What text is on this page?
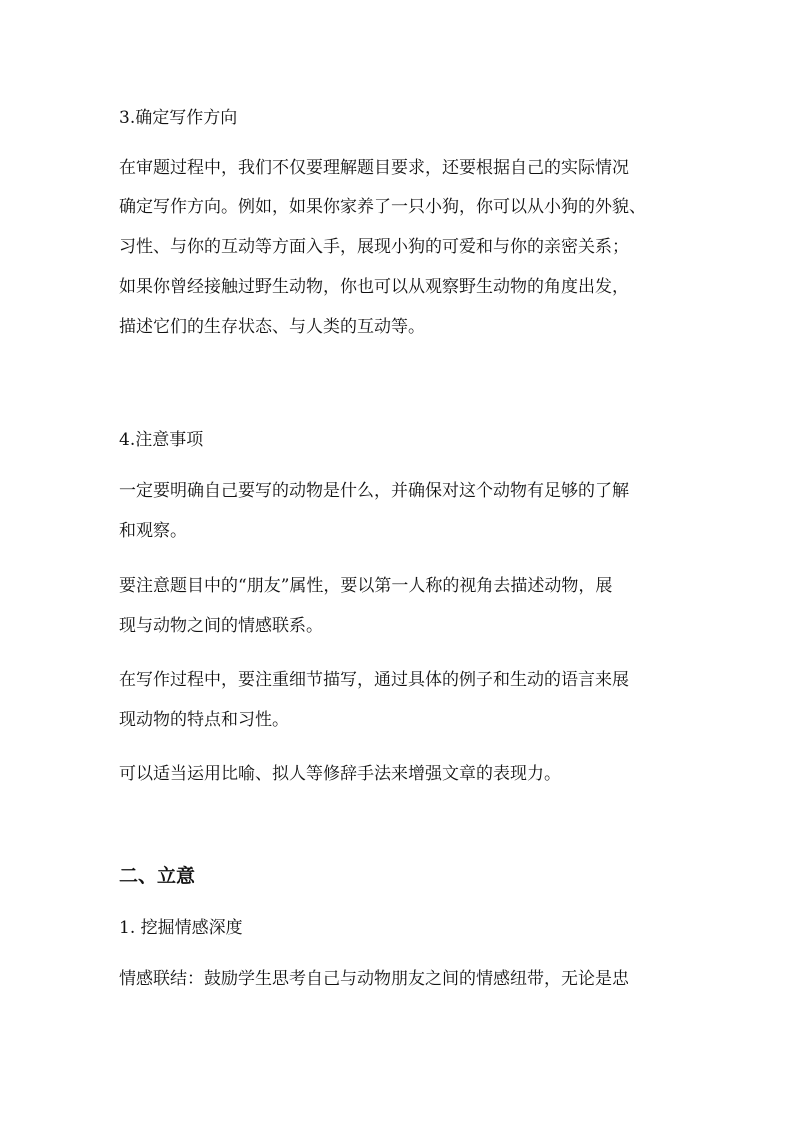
3.确定写作方向
在审题过程中，我们不仅要理解题目要求，还要根据自己的实际情况
确定写作方向。例如，如果你家养了一只小狗，你可以从小狗的外貌、
习性、与你的互动等方面入手，展现小狗的可爱和与你的亲密关系；
如果你曾经接触过野生动物，你也可以从观察野生动物的角度出发，
描述它们的生存状态、与人类的互动等。
4.注意事项
一定要明确自己要写的动物是什么，并确保对这个动物有足够的了解
和观察。
要注意题目中的“朋友”属性，要以第一人称的视角去描述动物，展
现与动物之间的情感联系。
在写作过程中，要注重细节描写，通过具体的例子和生动的语言来展
现动物的特点和习性。
可以适当运用比喻、拟人等修辞手法来增强文章的表现力。
二、立意
1. 挖掘情感深度
情感联结：鼓励学生思考自己与动物朋友之间的情感纽带，无论是忠
